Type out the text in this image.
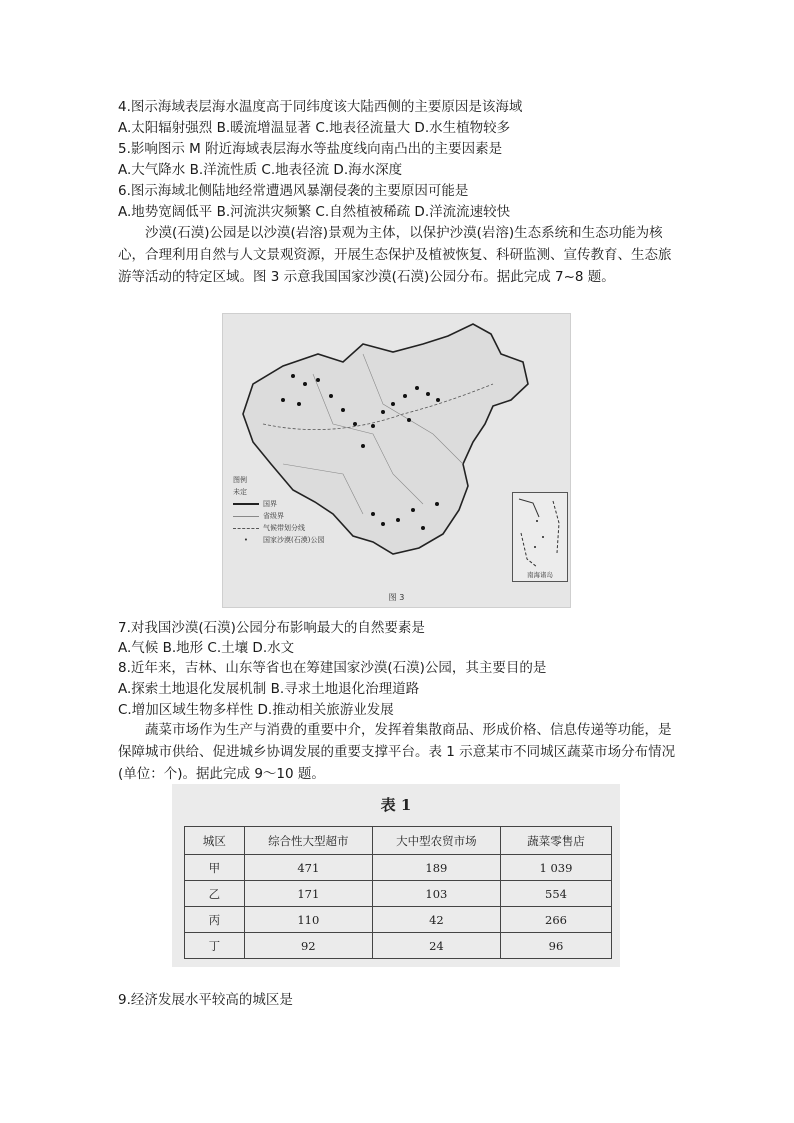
4.图示海域表层海水温度高于同纬度该大陆西侧的主要原因是该海域
A.太阳辐射强烈 B.暖流增温显著 C.地表径流量大 D.水生植物较多
5.影响图示 M 附近海域表层海水等盐度线向南凸出的主要因素是
A.大气降水 B.洋流性质 C.地表径流 D.海水深度
6.图示海域北侧陆地经常遭遇风暴潮侵袭的主要原因可能是
A.地势宽阔低平 B.河流洪灾频繁 C.自然植被稀疏 D.洋流流速较快
沙漠(石漠)公园是以沙漠(岩溶)景观为主体，以保护沙漠(岩溶)生态系统和生态功能为核心，合理利用自然与人文景观资源，开展生态保护及植被恢复、科研监测、宣传教育、生态旅游等活动的特定区域。图 3 示意我国国家沙漠(石漠)公园分布。据此完成 7~8 题。
图例
未定
国界
省级界
气候带划分线
•	国家沙漠(石漠)公园
南海诸岛
图 3
7.对我国沙漠(石漠)公园分布影响最大的自然要素是
A.气候 B.地形 C.土壤 D.水文
8.近年来，吉林、山东等省也在筹建国家沙漠(石漠)公园，其主要目的是
A.探索土地退化发展机制 B.寻求土地退化治理道路
C.增加区域生物多样性 D.推动相关旅游业发展
蔬菜市场作为生产与消费的重要中介，发挥着集散商品、形成价格、信息传递等功能，是保障城市供给、促进城乡协调发展的重要支撑平台。表 1 示意某市不同城区蔬菜市场分布情况(单位：个)。据此完成 9～10 题。
表 1
城区	综合性大型超市	大中型农贸市场	蔬菜零售店
甲	471	189	1 039
乙	171	103	554
丙	110	42	266
丁	92	24	96
9.经济发展水平较高的城区是
